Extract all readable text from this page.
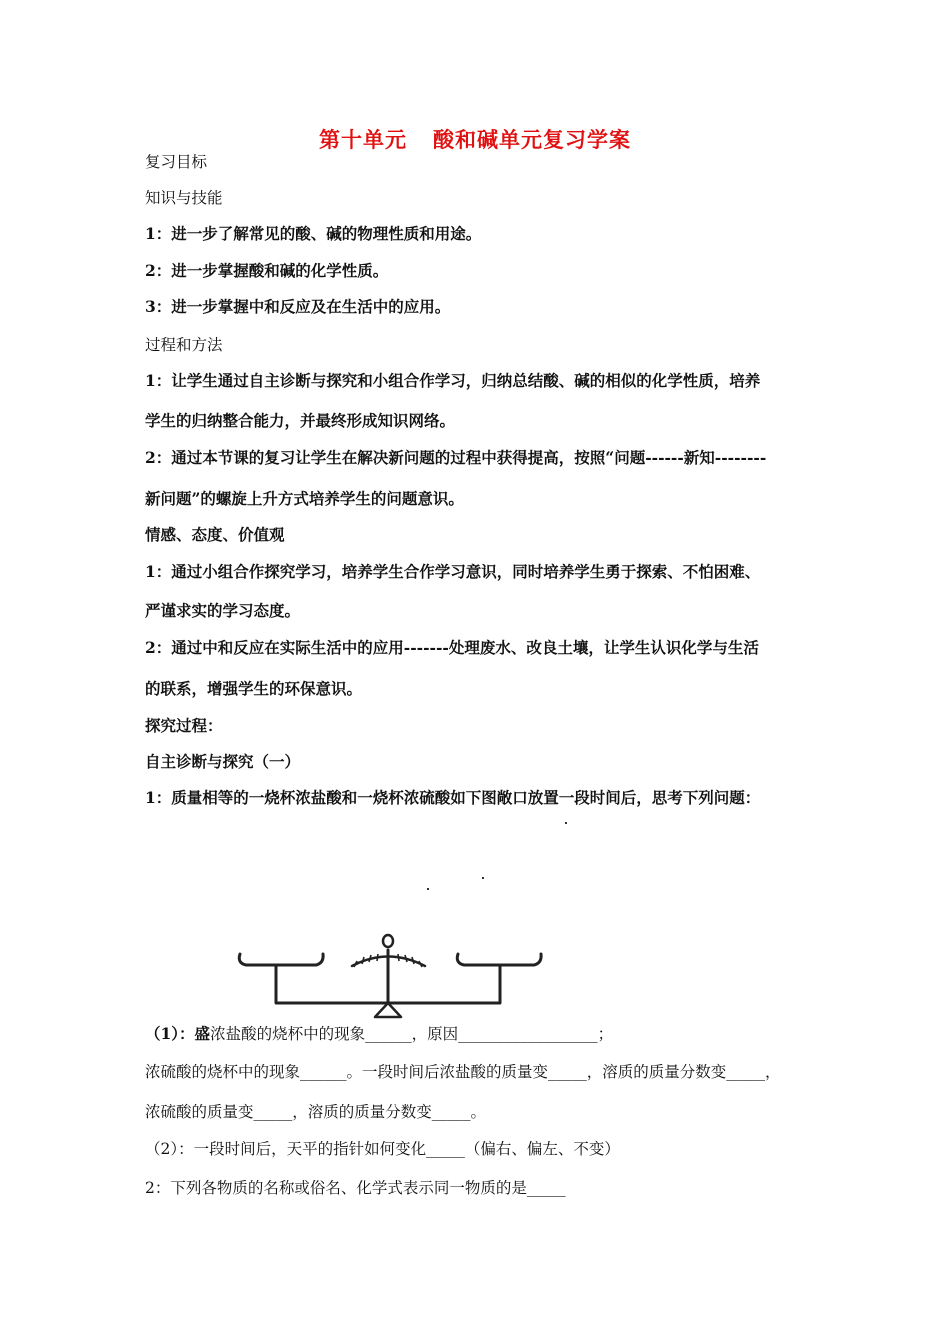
第十单元 酸和碱单元复习学案
复习目标
知识与技能
1：进一步了解常见的酸、碱的物理性质和用途。
2：进一步掌握酸和碱的化学性质。
3：进一步掌握中和反应及在生活中的应用。
过程和方法
1：让学生通过自主诊断与探究和小组合作学习，归纳总结酸、碱的相似的化学性质，培养
学生的归纳整合能力，并最终形成知识网络。
2：通过本节课的复习让学生在解决新问题的过程中获得提高，按照“问题------新知--------
新问题”的螺旋上升方式培养学生的问题意识。
情感、态度、价值观
1：通过小组合作探究学习，培养学生合作学习意识，同时培养学生勇于探索、不怕困难、
严谨求实的学习态度。
2：通过中和反应在实际生活中的应用-------处理废水、改良土壤，让学生认识化学与生活
的联系，增强学生的环保意识。
探究过程：
自主诊断与探究（一）
1：质量相等的一烧杯浓盐酸和一烧杯浓硫酸如下图敞口放置一段时间后，思考下列问题：
（1）：盛浓盐酸的烧杯中的现象______，原因__________________；
浓硫酸的烧杯中的现象______。一段时间后浓盐酸的质量变_____，溶质的质量分数变_____，
浓硫酸的质量变_____，溶质的质量分数变_____。
（2）：一段时间后，天平的指针如何变化_____（偏右、偏左、不变）
2：下列各物质的名称或俗名、化学式表示同一物质的是_____
